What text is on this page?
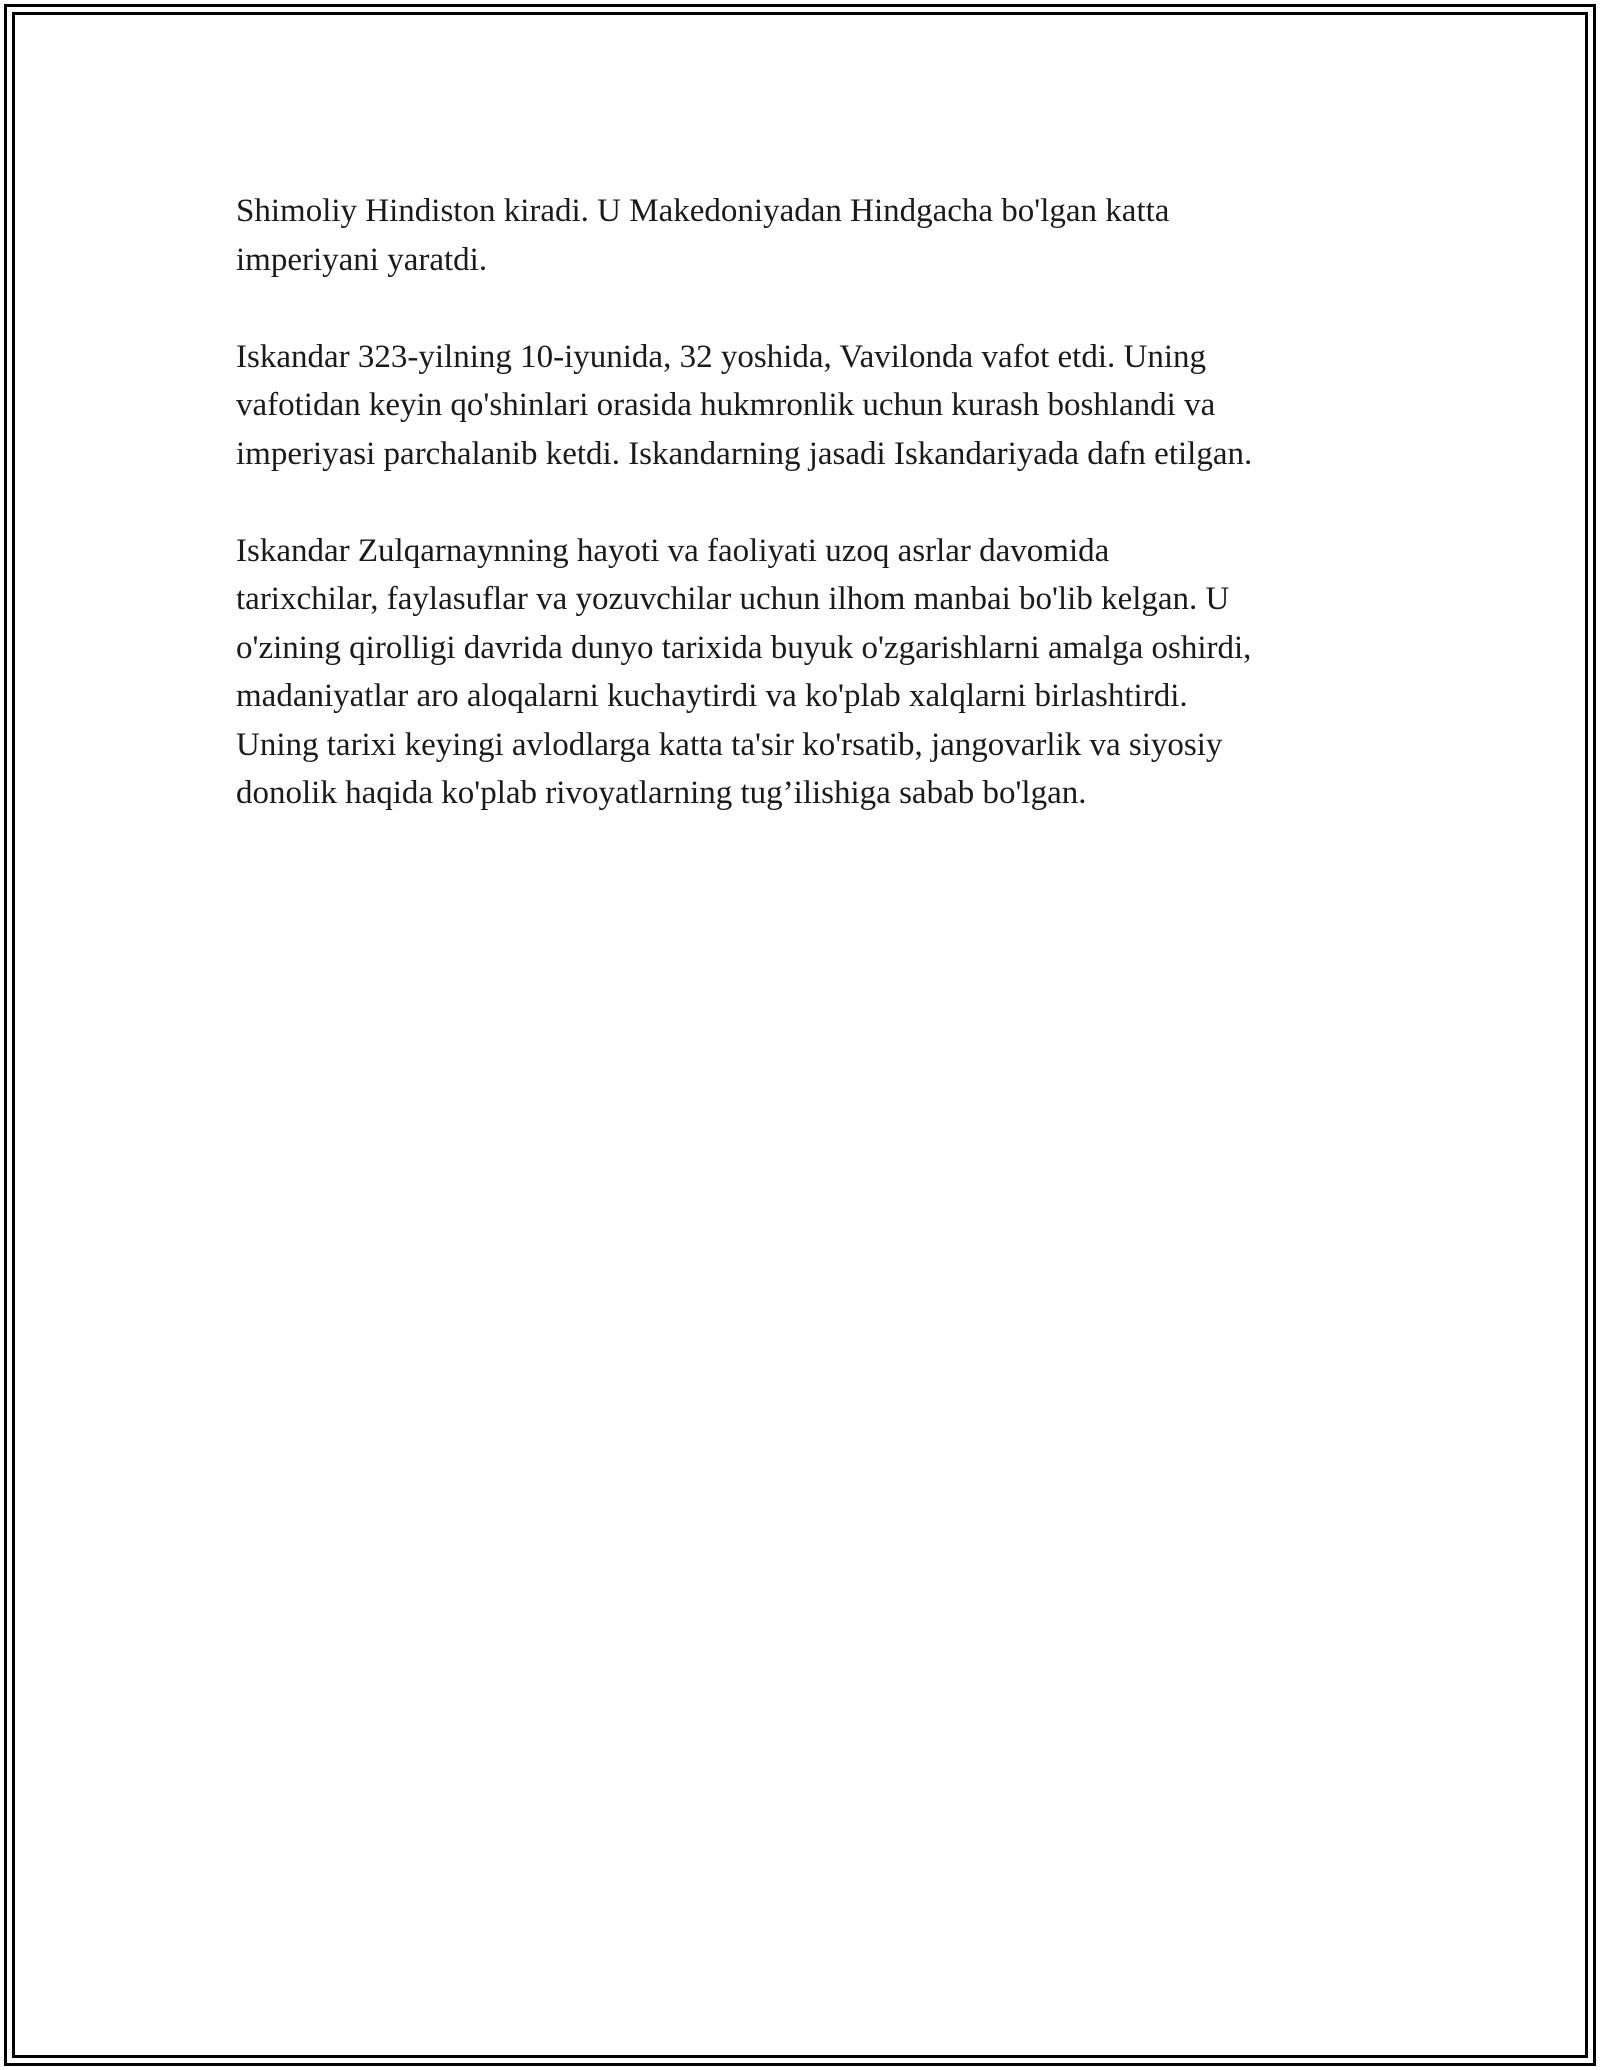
Shimoliy Hindiston kiradi. U Makedoniyadan Hindgacha bo'lgan katta
imperiyani yaratdi.

Iskandar 323-yilning 10-iyunida, 32 yoshida, Vavilonda vafot etdi. Uning
vafotidan keyin qo'shinlari orasida hukmronlik uchun kurash boshlandi va
imperiyasi parchalanib ketdi. Iskandarning jasadi Iskandariyada dafn etilgan.

Iskandar Zulqarnaynning hayoti va faoliyati uzoq asrlar davomida
tarixchilar, faylasuflar va yozuvchilar uchun ilhom manbai bo'lib kelgan. U
o'zining qirolligi davrida dunyo tarixida buyuk o'zgarishlarni amalga oshirdi,
madaniyatlar aro aloqalarni kuchaytirdi va ko'plab xalqlarni birlashtirdi.
Uning tarixi keyingi avlodlarga katta ta'sir ko'rsatib, jangovarlik va siyosiy
donolik haqida ko'plab rivoyatlarning tug’ilishiga sabab bo'lgan.
